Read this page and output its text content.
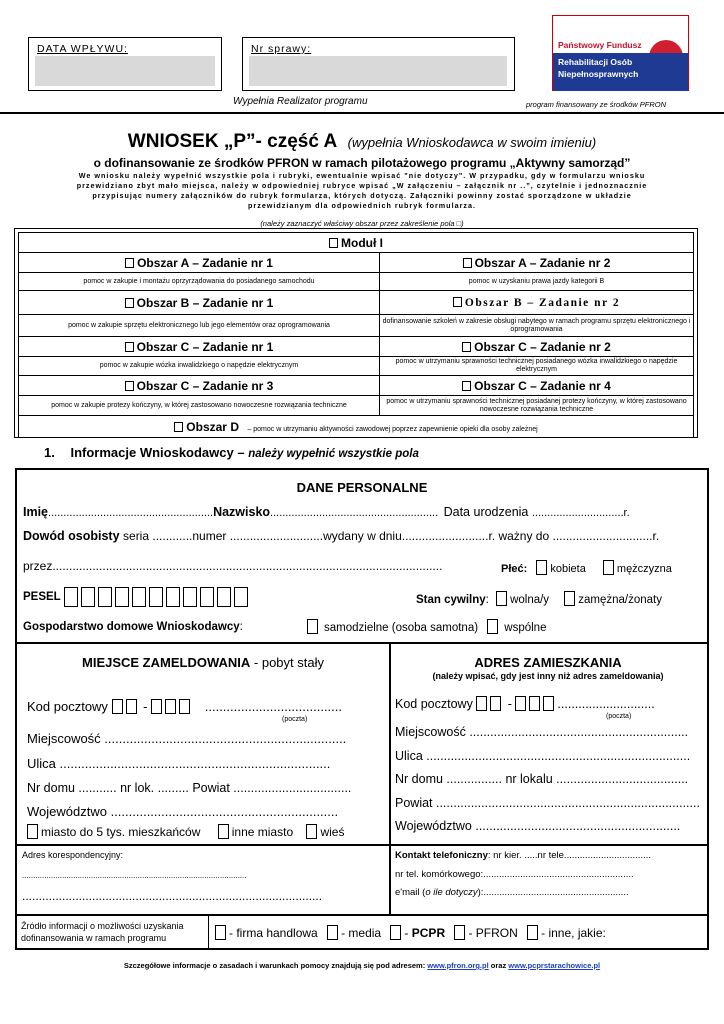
DATA WPŁYWU:	Nr sprawy:	Państwowy Fundusz
Rehabilitacji Osób
Niepełnosprawnych
Wypełnia Realizator programu	program finansowany ze środków PFRON
WNIOSEK „P”- część A (wypełnia Wnioskodawca w swoim imieniu)
o dofinansowanie ze środków PFRON w ramach pilotażowego programu „Aktywny samorząd”
We wniosku należy wypełnić wszystkie pola i rubryki, ewentualnie wpisać "nie dotyczy". W przypadku, gdy w formularzu wniosku
przewidziano zbyt mało miejsca, należy w odpowiedniej rubryce wpisać „W załączeniu – załącznik nr ..”, czytelnie i jednoznacznie
przypisując numery załączników do rubryk formularza, których dotyczą. Załączniki powinny zostać sporządzone w układzie
przewidzianym dla odpowiednich rubryk formularza.
(należy zaznaczyć właściwy obszar przez zakreślenie pola □)
Moduł I	
Obszar A – Zadanie nr 1	Obszar A – Zadanie nr 2
pomoc w zakupie i montażu oprzyrządowania do posiadanego samochodu	pomoc w uzyskaniu prawa jazdy kategorii B
Obszar B – Zadanie nr 1	Obszar B – Zadanie nr 2
pomoc w zakupie sprzętu elektronicznego lub jego elementów oraz oprogramowania	dofinansowanie szkoleń w zakresie obsługi nabytego w ramach programu sprzętu elektronicznego i oprogramowania
Obszar C – Zadanie nr 1	Obszar C – Zadanie nr 2
pomoc w zakupie wózka inwalidzkiego o napędzie elektrycznym	pomoc w utrzymaniu sprawności technicznej posiadanego wózka inwalidzkiego o napędzie elektrycznym
Obszar C – Zadanie nr 3	Obszar C – Zadanie nr 4
pomoc w zakupie protezy kończyny, w której zastosowano nowoczesne rozwiązania techniczne	pomoc w utrzymaniu sprawności technicznej posiadanej protezy kończyny, w której zastosowano nowoczesne rozwiązania techniczne
Obszar D – pomoc w utrzymaniu aktywności zawodowej poprzez zapewnienie opieki dla osoby zależnej	
1. Informacje Wnioskodawcy – należy wypełnić wszystkie pola
DANE PERSONALNE
Imię......................................................Nazwisko....................................................... Data urodzenia ..............................r.
Dowód osobisty seria ............numer ............................wydany w dniu..........................r. ważny do ..............................r.
przez.....................................................................................................................	Płeć: kobieta	mężczyzna
PESEL	Stan cywilny: wolna/y	zamężna/żonaty
Gospodarstwo domowe Wnioskodawcy:	samodzielne (osoba samotna) wspólne
MIEJSCE ZAMELDOWANIA - pobyt stały
Kod pocztowy  -	......................................
(poczta)
Miejscowość ...................................................................
Ulica ...........................................................................
Nr domu ........... nr lok. ......... Powiat ..................................
Województwo ...............................................................
miasto do 5 tys. mieszkańców	inne miasto wieś
ADRES ZAMIESZKANIA
(należy wpisać, gdy jest inny niż adres zameldowania)
Kod pocztowy	-	............................
(poczta)
Miejscowość ...............................................................
Ulica ............................................................................
Nr domu ................ nr lokalu ......................................
Powiat ............................................................................
Województwo ...........................................................
Adres korespondencyjny:
.....................................................................................................
..........................................................................................
Kontakt telefoniczny: nr kier. .....nr tele.................................
nr tel. komórkowego:.........................................................
e'mail (o ile dotyczy):.......................................................
Źródło informacji o możliwości uzyskania
dofinansowania w ramach programu	- firma handlowa - media - PCPR - PFRON - inne, jakie:
Szczegółowe informacje o zasadach i warunkach pomocy znajdują się pod adresem: www.pfron.org.pl oraz www.pcprstarachowice.pl
